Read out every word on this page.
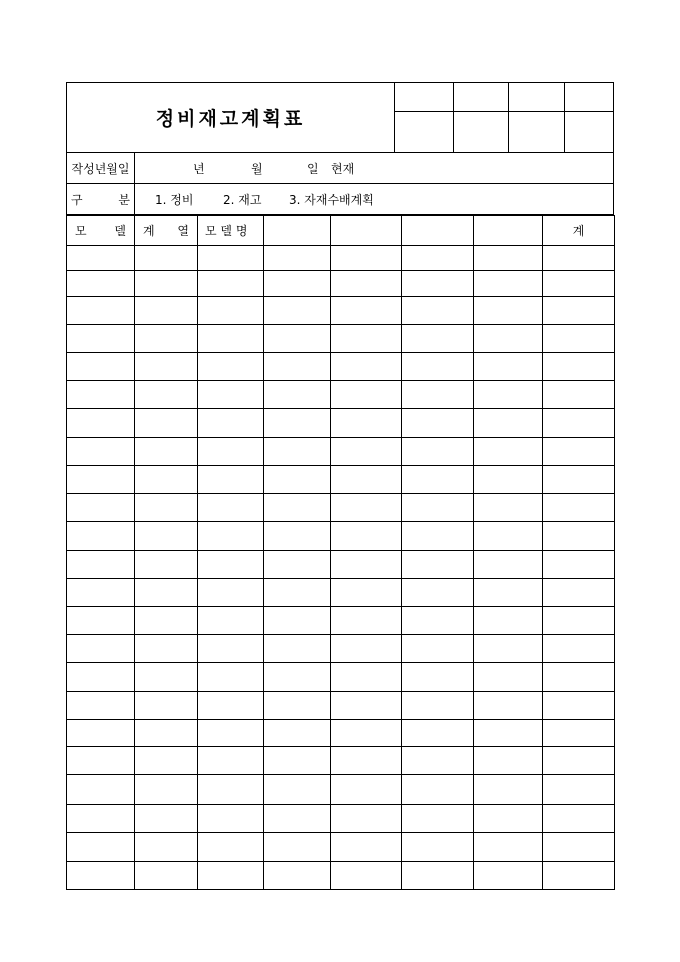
정비재고계획표
작성년월일	년	월	일 현재
구	분 1. 정비 2. 재고 3. 자재수배계획
모 델	계 열	모 델 명					계
